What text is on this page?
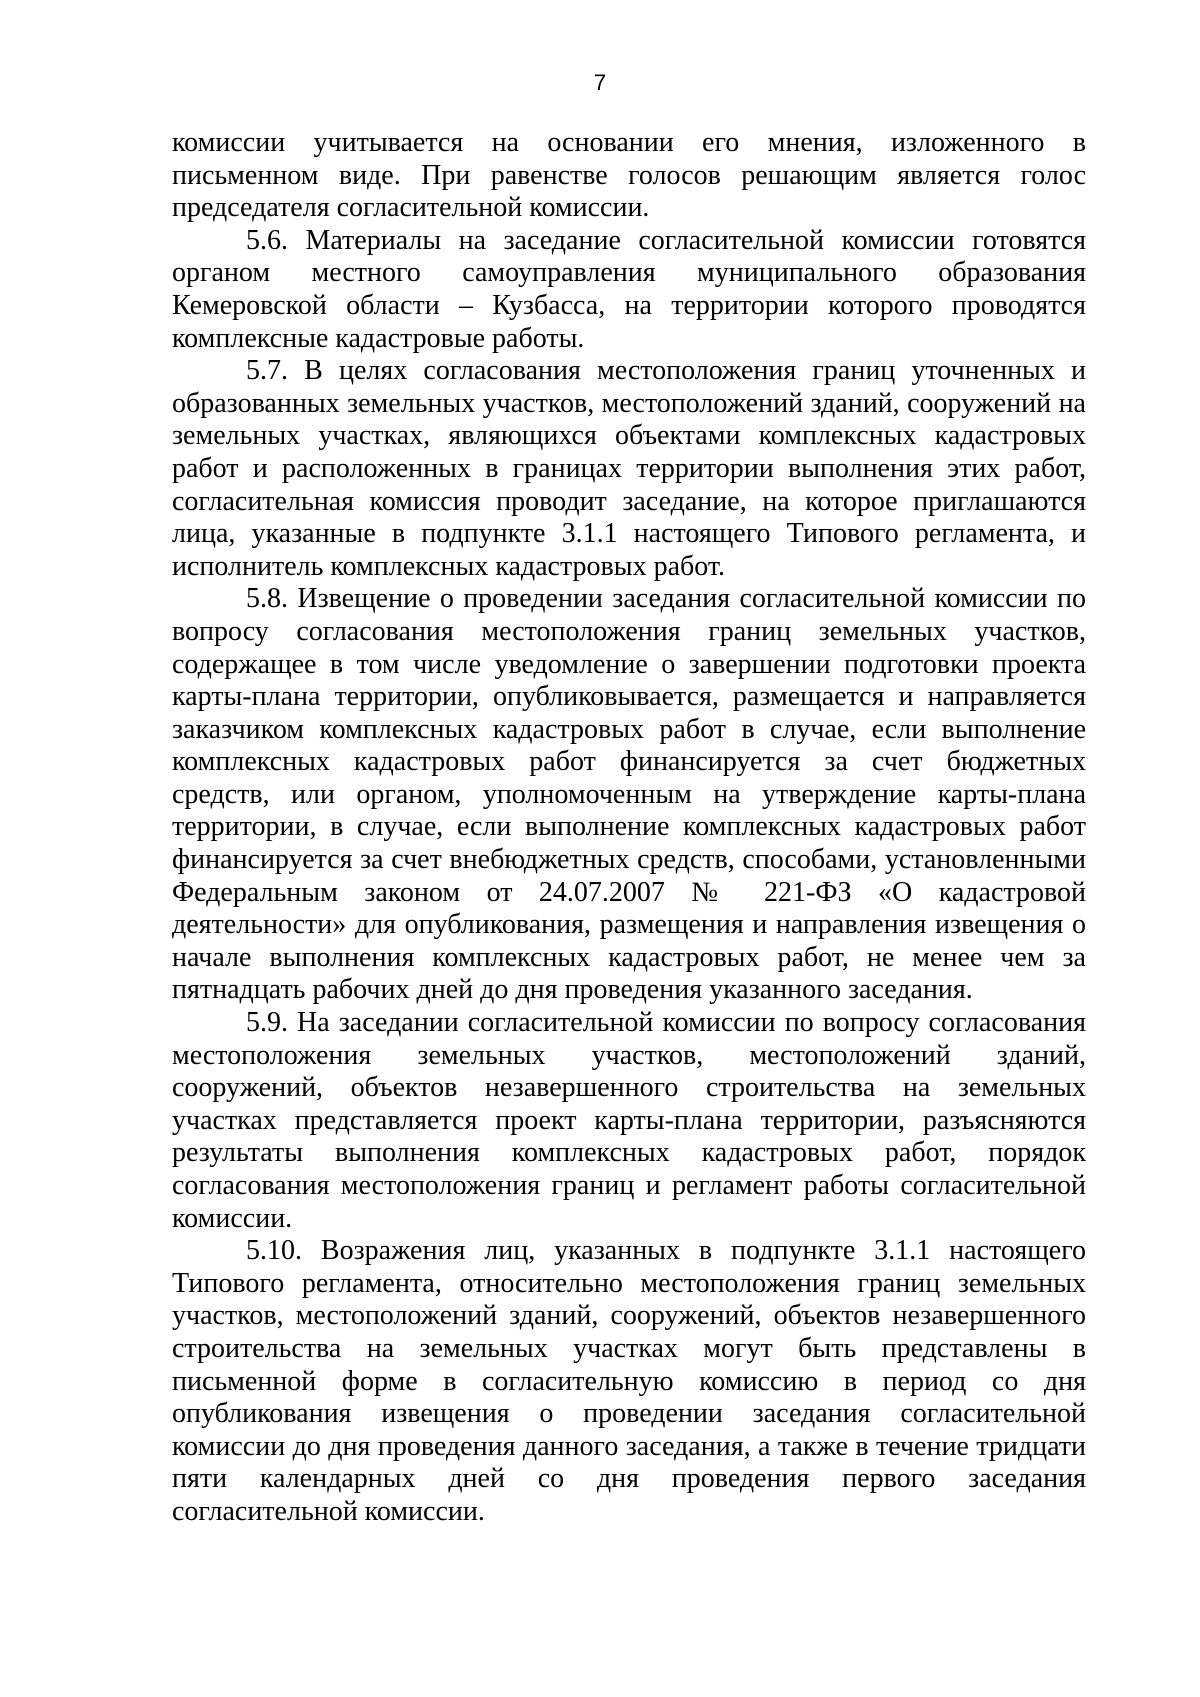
7

комиссии учитывается на основании его мнения, изложенного в письменном виде. При равенстве голосов решающим является голос председателя согласительной комиссии.

5.6. Материалы на заседание согласительной комиссии готовятся органом местного самоуправления муниципального образования Кемеровской области – Кузбасса, на территории которого проводятся комплексные кадастровые работы.

5.7. В целях согласования местоположения границ уточненных и образованных земельных участков, местоположений зданий, сооружений на земельных участках, являющихся объектами комплексных кадастровых работ и расположенных в границах территории выполнения этих работ, согласительная комиссия проводит заседание, на которое приглашаются лица, указанные в подпункте 3.1.1 настоящего Типового регламента, и исполнитель комплексных кадастровых работ.

5.8. Извещение о проведении заседания согласительной комиссии по вопросу согласования местоположения границ земельных участков, содержащее в том числе уведомление о завершении подготовки проекта карты-плана территории, опубликовывается, размещается и направляется заказчиком комплексных кадастровых работ в случае, если выполнение комплексных кадастровых работ финансируется за счет бюджетных средств, или органом, уполномоченным на утверждение карты-плана территории, в случае, если выполнение комплексных кадастровых работ финансируется за счет внебюджетных средств, способами, установленными Федеральным законом от 24.07.2007 № 221-ФЗ «О кадастровой деятельности» для опубликования, размещения и направления извещения о начале выполнения комплексных кадастровых работ, не менее чем за пятнадцать рабочих дней до дня проведения указанного заседания.

5.9. На заседании согласительной комиссии по вопросу согласования местоположения земельных участков, местоположений зданий, сооружений, объектов незавершенного строительства на земельных участках представляется проект карты-плана территории, разъясняются результаты выполнения комплексных кадастровых работ, порядок согласования местоположения границ и регламент работы согласительной комиссии.

5.10. Возражения лиц, указанных в подпункте 3.1.1 настоящего Типового регламента, относительно местоположения границ земельных участков, местоположений зданий, сооружений, объектов незавершенного строительства на земельных участках могут быть представлены в письменной форме в согласительную комиссию в период со дня опубликования извещения о проведении заседания согласительной комиссии до дня проведения данного заседания, а также в течение тридцати пяти календарных дней со дня проведения первого заседания согласительной комиссии.
